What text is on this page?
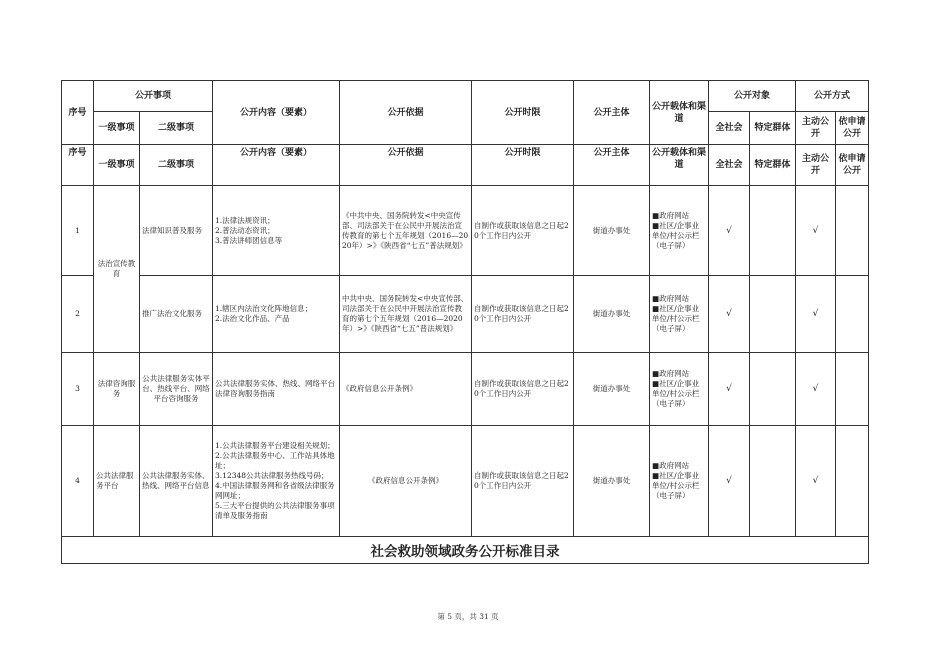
序号	公开事项		公开内容（要素）	公开依据	公开时限	公开主体	公开载体和渠道	公开对象		公开方式	
	一级事项	二级事项						全社会	特定群体	主动公开	依申请公开
序号	一级事项	二级事项	公开内容（要素）	公开依据	公开时限	公开主体	公开载体和渠道	全社会	特定群体	主动公开	依申请公开
1	法治宣传教育	法律知识普及服务	1.法律法规资讯；
2.普法动态资讯；
3.普法讲师团信息等	《中共中央、国务院转发<中央宣传部、司法部关于在公民中开展法治宣传教育的第七个五年规划（2016—2020年）>》《陕西省“七五”普法规划》	自制作或获取该信息之日起20个工作日内公开	街道办事处	■政府网站
■社区/企事业单位/村公示栏（电子屏）	√		√	
2		推广法治文化服务	1.辖区内法治文化阵地信息；
2.法治文化作品、产品	中共中央、国务院转发<中央宣传部、司法部关于在公民中开展法治宣传教育的第七个五年规划（2016—2020年）>》《陕西省“七五”普法规划》	自制作或获取该信息之日起20个工作日内公开	街道办事处	■政府网站
■社区/企事业单位/村公示栏（电子屏）	√		√	
3	法律咨询服务	公共法律服务实体平台、热线平台、网络平台咨询服务	公共法律服务实体、热线、网络平台法律咨询服务指南	《政府信息公开条例》	自制作或获取该信息之日起20个工作日内公开	街道办事处	■政府网站
■社区/企事业单位/村公示栏（电子屏）	√		√	
4	公共法律服务平台	公共法律服务实体、热线、网络平台信息	1.公共法律服务平台建设相关规划；
2.公共法律服务中心、工作站具体地址；
3.12348公共法律服务热线号码；
4.中国法律服务网和各省级法律服务网网址；
5.三大平台提供的公共法律服务事项清单及服务指南	《政府信息公开条例》	自制作或获取该信息之日起20个工作日内公开	街道办事处	■政府网站
■社区/企事业单位/村公示栏（电子屏）	√		√	
社会救助领域政务公开标准目录											
第 5 页，共 31 页
